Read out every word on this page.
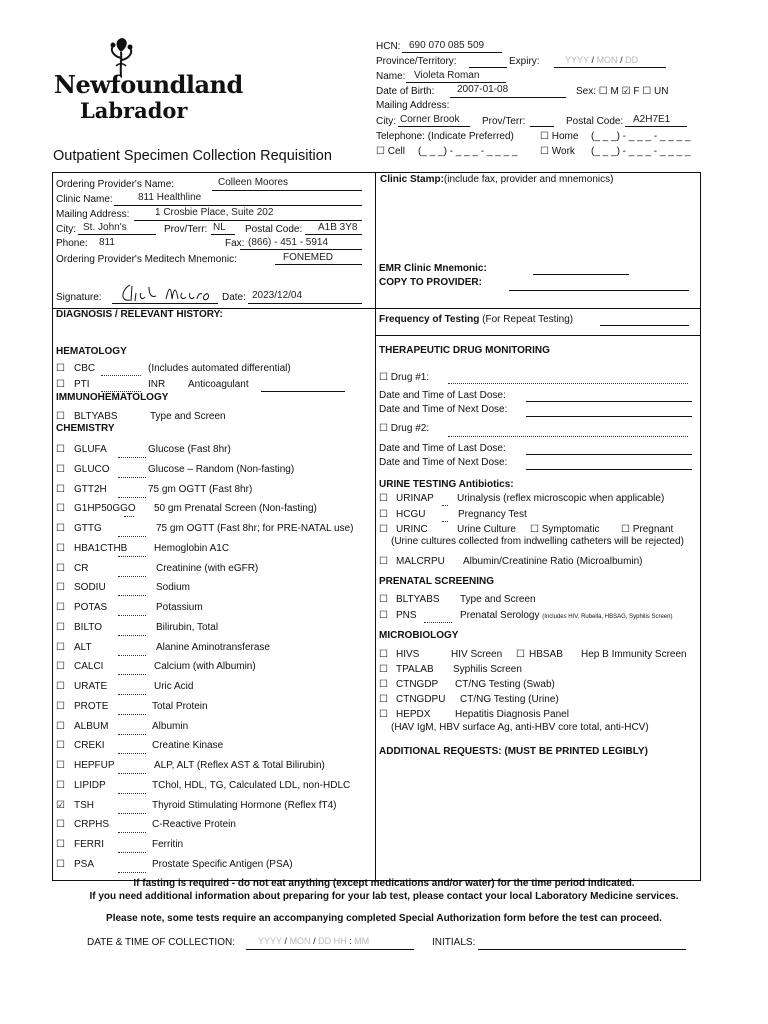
Newfoundland
Labrador
Outpatient Specimen Collection Requisition
HCN: 690 070 085 509
Province/Territory:	Expiry:	YYYY / MON / DD
Name: Violeta Roman
Date of Birth: 2007-01-08	Sex: ☐ M ☑ F ☐ UN
Mailing Address:
City: Corner Brook Prov/Terr:	Postal Code: A2H7E1
Telephone: (Indicate Preferred)	☐ Home (_ _ _) - _ _ _ - _ _ _ _
☐ Cell (_ _ _) - _ _ _ - _ _ _ _ ☐ Work (_ _ _) - _ _ _ - _ _ _ _
Ordering Provider's Name:	Colleen Moores
Clinic Name:	811 Healthline
Mailing Address:	1 Crosbie Place, Suite 202
City: St. John's	Prov/Terr: NL Postal Code: A1B 3Y8
Phone: 811	Fax: (866) - 451 - 5914
Ordering Provider's Meditech Mnemonic:	FONEMED
Signature:	Date: 2023/12/04
Clinic Stamp:(include fax, provider and mnemonics)
EMR Clinic Mnemonic:
COPY TO PROVIDER:
DIAGNOSIS / RELEVANT HISTORY:	Frequency of Testing (For Repeat Testing)
HEMATOLOGY
☐ CBC	(Includes automated differential)
☐ PTI	INR Anticoagulant
IMMUNOHEMATOLOGY
☐ BLTYABS	Type and Screen
CHEMISTRY
☐ GLUFA	Glucose (Fast 8hr)
☐ GLUCO	Glucose – Random (Non-fasting)
☐ GTT2H	75 gm OGTT (Fast 8hr)
☐ G1HP50GGO 50 gm Prenatal Screen (Non-fasting)
☐ GTTG	75 gm OGTT (Fast 8hr; for PRE-NATAL use)
☐ HBA1CTHB	Hemoglobin A1C
☐ CR	Creatinine (with eGFR)
☐ SODIU	Sodium
☐ POTAS	Potassium
☐ BILTO	Bilirubin, Total
☐ ALT	Alanine Aminotransferase
☐ CALCI	Calcium (with Albumin)
☐ URATE	Uric Acid
☐ PROTE	Total Protein
☐ ALBUM	Albumin
☐ CREKI	Creatine Kinase
☐ HEPFUP	ALP, ALT (Reflex AST & Total Bilirubin)
☐ LIPIDP	TChol, HDL, TG, Calculated LDL, non-HDLC
☑ TSH	Thyroid Stimulating Hormone (Reflex fT4)
☐ CRPHS	C-Reactive Protein
☐ FERRI	Ferritin
☐ PSA	Prostate Specific Antigen (PSA)
THERAPEUTIC DRUG MONITORING
☐ Drug #1:
Date and Time of Last Dose:
Date and Time of Next Dose:
☐ Drug #2:
Date and Time of Last Dose:
Date and Time of Next Dose:
URINE TESTING Antibiotics:
☐ URINAP Urinalysis (reflex microscopic when applicable)
☐ HCGU	Pregnancy Test
☐ URINC	Urine Culture ☐ Symptomatic ☐ Pregnant
(Urine cultures collected from indwelling catheters will be rejected)
☐ MALCRPU Albumin/Creatinine Ratio (Microalbumin)
PRENATAL SCREENING
☐ BLTYABS Type and Screen
☐ PNS	Prenatal Serology (Includes HIV, Rubella, HBSAG, Syphilis Screen)
MICROBIOLOGY
☐ HIVS	HIV Screen ☐ HBSAB Hep B Immunity Screen
☐ TPALAB Syphilis Screen
☐ CTNGDP CT/NG Testing (Swab)
☐ CTNGDPU CT/NG Testing (Urine)
☐ HEPDX Hepatitis Diagnosis Panel
(HAV IgM, HBV surface Ag, anti-HBV core total, anti-HCV)
ADDITIONAL REQUESTS: (MUST BE PRINTED LEGIBLY)
If fasting is required - do not eat anything (except medications and/or water) for the time period indicated.
If you need additional information about preparing for your lab test, please contact your local Laboratory Medicine services.
Please note, some tests require an accompanying completed Special Authorization form before the test can proceed.
DATE & TIME OF COLLECTION:	YYYY / MON / DD HH : MM	INITIALS:
